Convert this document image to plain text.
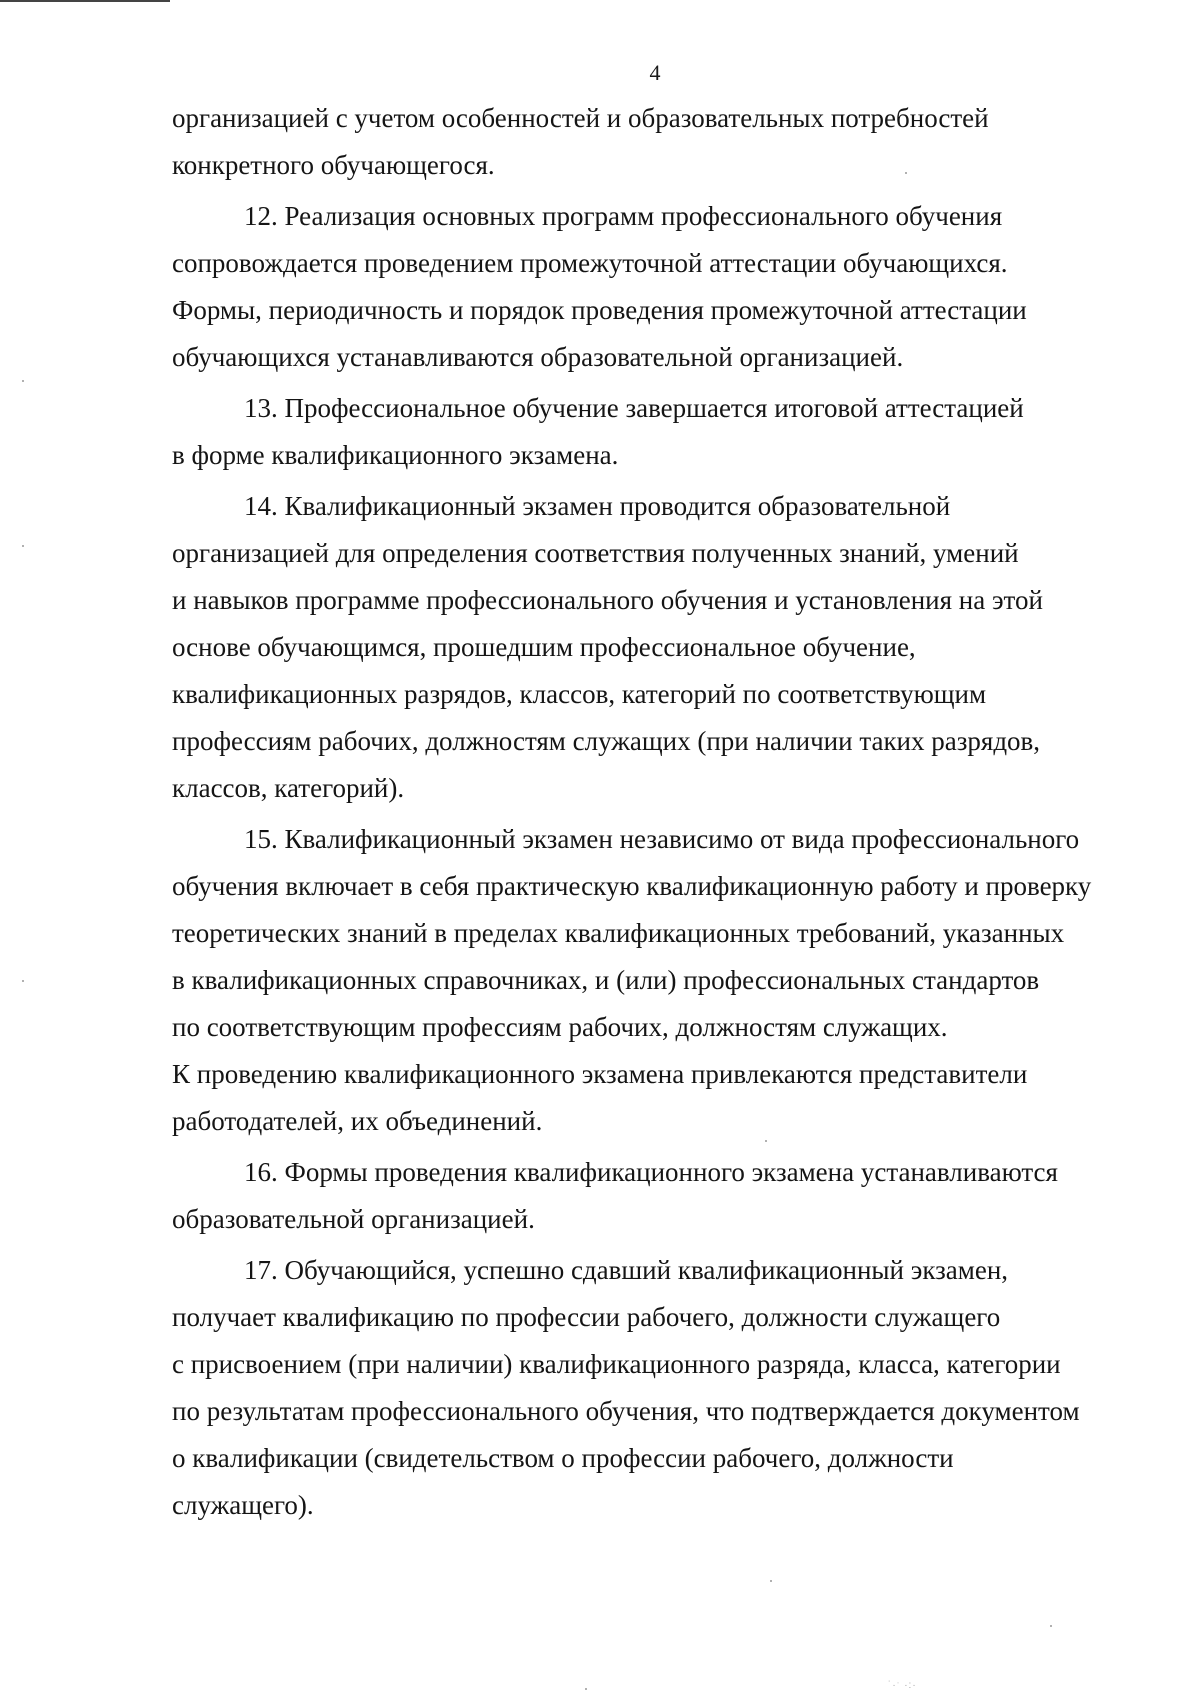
4

организацией с учетом особенностей и образовательных потребностей
конкретного обучающегося.

12. Реализация основных программ профессионального обучения
сопровождается проведением промежуточной аттестации обучающихся.
Формы, периодичность и порядок проведения промежуточной аттестации
обучающихся устанавливаются образовательной организацией.

13. Профессиональное обучение завершается итоговой аттестацией
в форме квалификационного экзамена.

14. Квалификационный экзамен проводится образовательной
организацией для определения соответствия полученных знаний, умений
и навыков программе профессионального обучения и установления на этой
основе обучающимся, прошедшим профессиональное обучение,
квалификационных разрядов, классов, категорий по соответствующим
профессиям рабочих, должностям служащих (при наличии таких разрядов,
классов, категорий).

15. Квалификационный экзамен независимо от вида профессионального
обучения включает в себя практическую квалификационную работу и проверку
теоретических знаний в пределах квалификационных требований, указанных
в квалификационных справочниках, и (или) профессиональных стандартов
по соответствующим профессиям рабочих, должностям служащих.
К проведению квалификационного экзамена привлекаются представители
работодателей, их объединений.

16. Формы проведения квалификационного экзамена устанавливаются
образовательной организацией.

17. Обучающийся, успешно сдавший квалификационный экзамен,
получает квалификацию по профессии рабочего, должности служащего
с присвоением (при наличии) квалификационного разряда, класса, категории
по результатам профессионального обучения, что подтверждается документом
о квалификации (свидетельством о профессии рабочего, должности
служащего).

˙·ˑ ·:·
